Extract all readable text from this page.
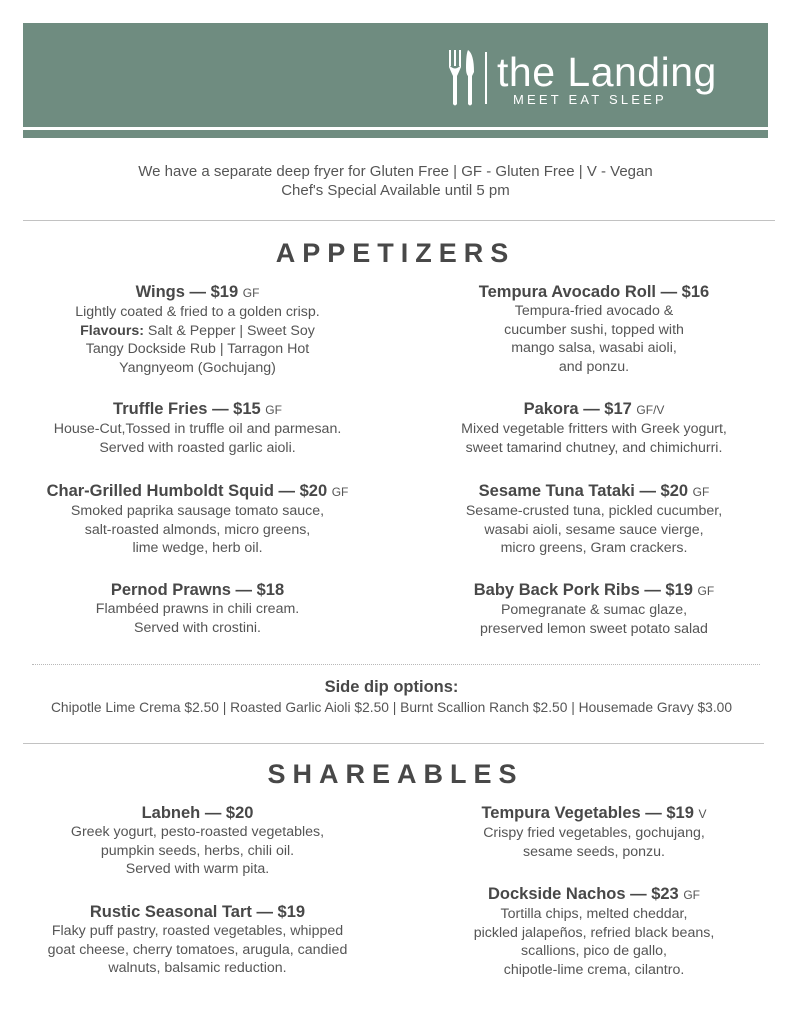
the Landing
MEET EAT SLEEP
We have a separate deep fryer for Gluten Free | GF - Gluten Free | V - Vegan
Chef's Special Available until 5 pm
APPETIZERS
Wings — $19 GF
Lightly coated & fried to a golden crisp.
Flavours: Salt & Pepper | Sweet Soy
Tangy Dockside Rub | Tarragon Hot
Yangnyeom (Gochujang)
Truffle Fries — $15 GF
House-Cut,Tossed in truffle oil and parmesan.
Served with roasted garlic aioli.
Char-Grilled Humboldt Squid — $20 GF
Smoked paprika sausage tomato sauce,
salt-roasted almonds, micro greens,
lime wedge, herb oil.
Pernod Prawns — $18
Flambéed prawns in chili cream.
Served with crostini.
Tempura Avocado Roll — $16
Tempura-fried avocado &
cucumber sushi, topped with
mango salsa, wasabi aioli,
and ponzu.
Pakora — $17 GF/V
Mixed vegetable fritters with Greek yogurt,
sweet tamarind chutney, and chimichurri.
Sesame Tuna Tataki — $20 GF
Sesame-crusted tuna, pickled cucumber,
wasabi aioli, sesame sauce vierge,
micro greens, Gram crackers.
Baby Back Pork Ribs — $19 GF
Pomegranate & sumac glaze,
preserved lemon sweet potato salad
Side dip options:
Chipotle Lime Crema $2.50 | Roasted Garlic Aioli $2.50 | Burnt Scallion Ranch $2.50 | Housemade Gravy $3.00
SHAREABLES
Labneh — $20
Greek yogurt, pesto-roasted vegetables,
pumpkin seeds, herbs, chili oil.
Served with warm pita.
Rustic Seasonal Tart — $19
Flaky puff pastry, roasted vegetables, whipped
goat cheese, cherry tomatoes, arugula, candied
walnuts, balsamic reduction.
Tempura Vegetables — $19 V
Crispy fried vegetables, gochujang,
sesame seeds, ponzu.
Dockside Nachos — $23 GF
Tortilla chips, melted cheddar,
pickled jalapeños, refried black beans,
scallions, pico de gallo,
chipotle-lime crema, cilantro.
